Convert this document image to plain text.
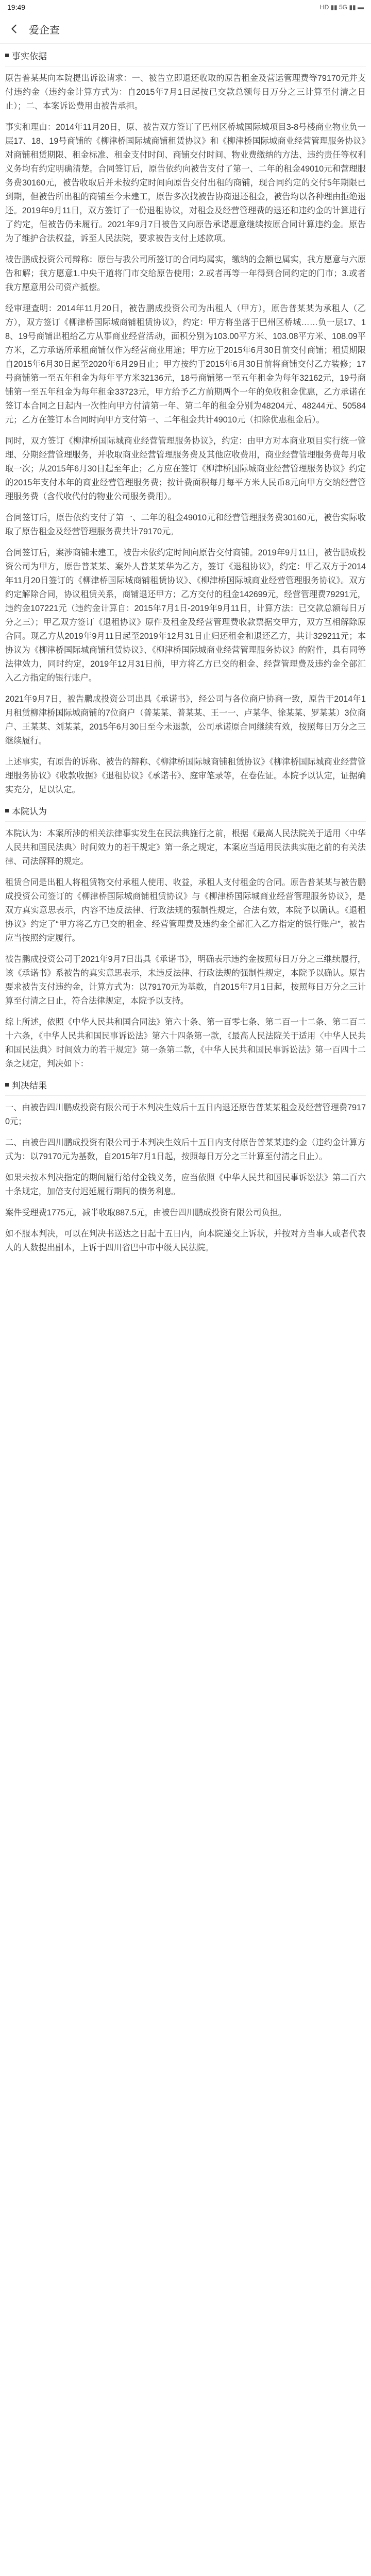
19:49	HD ▮▮ 5G ▮▮ ▬
爱企查
事实依据

原告普某某向本院提出诉讼请求：一、被告立即退还收取的原告租金及营运管理费等79170元并支付违约金（违约金计算方式为：自2015年7月1日起按已交款总额每日万分之三计算至付清之日止）；二、本案诉讼费用由被告承担。

事实和理由：2014年11月20日，原、被告双方签订了巴州区桥城国际城项目3-8号楼商业物业负一层17、18、19号商铺的《柳津桥国际城商铺租赁协议》和《柳津桥国际城商业经营管理服务协议》对商铺租赁期限、租金标准、租金支付时间、商铺交付时间、物业费缴纳的方法、违约责任等权利义务均有约定明确清楚。合同签订后，原告依约向被告支付了第一、二年的租金49010元和营理服务费30160元，被告收取后并未按约定时间向原告交付出租的商铺，现合同约定的交付5年期限已到期，但被告所出租的商铺至今未建工，原告多次找被告协商退还租金，被告均以各种理由拒绝退还。2019年9月11日，双方签订了一份退租协议，对租金及经营管理费的退还和违约金的计算进行了约定，但被告仍未履行。2021年9月7日被告又向原告承诺愿意继续按原合同计算违约金。原告为了维护合法权益，诉至人民法院，要求被告支付上述款项。

被告鹏成投资公司辩称：原告与我公司所签订的合同均属实，缴纳的金额也属实，我方愿意与六原告和解；我方愿意1.中央干道将门市交给原告使用；2.或者再等一年得到合同约定的门市；3.或者我方愿意用公司资产抵偿。

经审理查明：2014年11月20日，被告鹏成投资公司为出租人（甲方），原告普某某为承租人（乙方），双方签订《柳津桥国际城商铺租赁协议》，约定：甲方将坐落于巴州区桥城……负一层17、18、19号商铺出租给乙方从事商业经营活动，面积分别为103.00平方米、103.08平方米、108.09平方米，乙方承诺所承租商铺仅作为经营商业用途；甲方应于2015年6月30日前交付商铺；租赁期限自2015年6月30日起至2020年6月29日止；甲方按约于2015年6月30日前将商铺交付乙方装修；17号商铺第一至五年租金为每年平方米32136元，18号商铺第一至五年租金为每年32162元，19号商铺第一至五年租金为每年租金33723元，甲方给予乙方前期两个一年的免收租金优惠，乙方承诺在签订本合同之日起内一次性向甲方付清第一年、第二年的租金分别为48204元、48244元、50584元；乙方在签订本合同时向甲方支付第一、二年租金共计49010元（扣除优惠租金后）。

同时，双方签订《柳津桥国际城商业经营管理服务协议》，约定：由甲方对本商业项目实行统一管理、分期经营管理服务，并收取商业经营管理服务费及其他应收费用，商业经营管理服务费每月收取一次；从2015年6月30日起至年止；乙方应在签订《柳津桥国际城商业经营管理服务协议》约定的2015年支付本年的商业经营管理服务费；按计费面积每月每平方米人民币8元向甲方交纳经营管理服务费（含代收代付的物业公司服务费用）。

合同签订后，原告依约支付了第一、二年的租金49010元和经营管理服务费30160元，被告实际收取了原告租金及经营管理服务费共计79170元。

合同签订后，案涉商铺未建工，被告未依约定时间向原告交付商铺。2019年9月11日，被告鹏成投资公司为甲方，原告普某某、案外人普某某华为乙方，签订《退租协议》，约定：甲乙双方于2014年11月20日签订的《柳津桥国际城商铺租赁协议》、《柳津桥国际城商业经营管理服务协议》。双方约定解除合同，协议租赁关系，商铺退还甲方；乙方交付的租金142699元，经营管理费79291元，违约金107221元（违约金计算自：2015年7月1日-2019年9月11日，计算方法：已交款总额每日万分之三）；甲乙双方签订《退租协议》原件及租金及经营管理费收款票据交甲方，双方互相解除原合同。现乙方从2019年9月11日起至2019年12月31日止归还租金和退还乙方，共计329211元；本协议为《柳津桥国际城商铺租赁协议》、《柳津桥国际城商业经营管理服务协议》的附件，具有同等法律效力，同时约定，2019年12月31日前，甲方将乙方已交的租金、经营管理费及违约金全部汇入乙方指定的银行账户。

2021年9月7日，被告鹏成投资公司出具《承诺书》，经公司与各位商户协商一致，原告于2014年1月租赁柳津桥国际城商铺的7位商户（普某某、普某某、王一一、卢某华、徐某某、罗某某）3位商户、王某某、刘某某，2015年6月30日至今未退款，公司承诺原合同继续有效，按照每日万分之三继续履行。

上述事实，有原告的诉称、被告的辩称、《柳津桥国际城商铺租赁协议》《柳津桥国际城商业经营管理服务协议》《收款收据》《退租协议》《承诺书》、庭审笔录等，在卷佐证。本院予以认定，证据确实充分，足以认定。

本院认为

本院认为：本案所涉的相关法律事实发生在民法典施行之前，根据《最高人民法院关于适用〈中华人民共和国民法典〉时间效力的若干规定》第一条之规定，本案应当适用民法典实施之前的有关法律、司法解释的规定。

租赁合同是出租人将租赁物交付承租人使用、收益，承租人支付租金的合同。原告普某某与被告鹏成投资公司签订的《柳津桥国际城商铺租赁协议》与《柳津桥国际城商业经营管理服务协议》，是双方真实意思表示，内容不违反法律、行政法规的强制性规定，合法有效，本院予以确认。《退租协议》约定了“甲方将乙方已交的租金、经营管理费及违约金全部汇入乙方指定的银行账户”，被告应当按照约定履行。

被告鹏成投资公司于2021年9月7日出具《承诺书》，明确表示违约金按照每日万分之三继续履行，该《承诺书》系被告的真实意思表示，未违反法律、行政法规的强制性规定，本院予以确认。原告要求被告支付违约金，计算方式为：以79170元为基数，自2015年7月1日起，按照每日万分之三计算至付清之日止，符合法律规定，本院予以支持。

综上所述，依照《中华人民共和国合同法》第六十条、第一百零七条、第二百一十二条、第二百二十六条，《中华人民共和国民事诉讼法》第六十四条第一款，《最高人民法院关于适用〈中华人民共和国民法典〉时间效力的若干规定》第一条第二款，《中华人民共和国民事诉讼法》第一百四十二条之规定，判决如下：

判决结果

一、由被告四川鹏成投资有限公司于本判决生效后十五日内退还原告普某某租金及经营管理费79170元；

二、由被告四川鹏成投资有限公司于本判决生效后十五日内支付原告普某某违约金（违约金计算方式为：以79170元为基数，自2015年7月1日起，按照每日万分之三计算至付清之日止）。

如果未按本判决指定的期间履行给付金钱义务，应当依照《中华人民共和国民事诉讼法》第二百六十条规定，加倍支付迟延履行期间的债务利息。

案件受理费1775元，减半收取887.5元，由被告四川鹏成投资有限公司负担。

如不服本判决，可以在判决书送达之日起十五日内，向本院递交上诉状，并按对方当事人或者代表人的人数提出副本，上诉于四川省巴中市中级人民法院。
